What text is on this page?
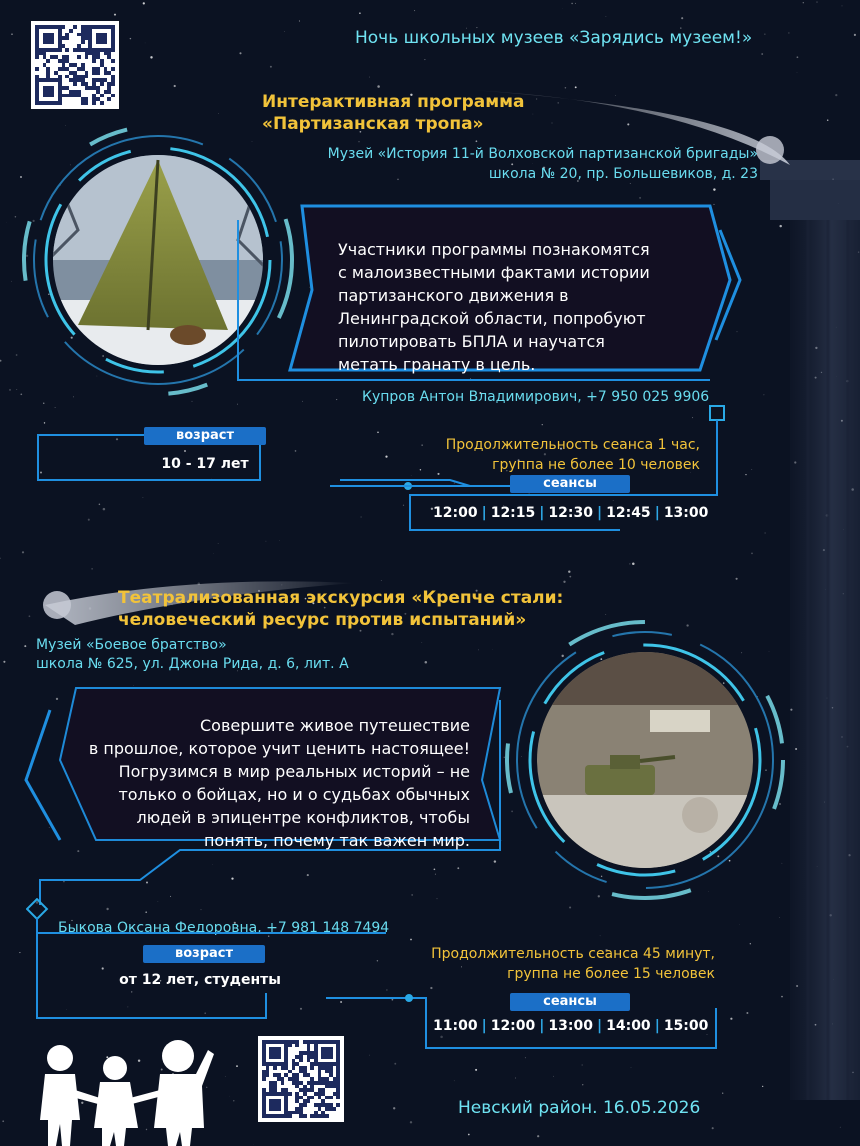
Ночь школьных музеев «Зарядись музеем!»
Интерактивная программа
«Партизанская тропа»
Музей «История 11-й Волховской партизанской бригады»
школа № 20, пр. Большевиков, д. 23
Участники программы познакомятся
с малоизвестными фактами истории
партизанского движения в
Ленинградской области, попробуют
пилотировать БПЛА и научатся
метать гранату в цель.
Купров Антон Владимирович, +7 950 025 9906
возраст
10 - 17 лет
Продолжительность сеанса 1 час,
группа не более 10 человек
сеансы
12:00 | 12:15 | 12:30 | 12:45 | 13:00
Театрализованная экскурсия «Крепче стали:
человеческий ресурс против испытаний»
Музей «Боевое братство»
школа № 625, ул. Джона Рида, д. 6, лит. А
Совершите живое путешествие
в прошлое, которое учит ценить настоящее!
Погрузимся в мир реальных историй – не
только о бойцах, но и о судьбах обычных
людей в эпицентре конфликтов, чтобы
понять, почему так важен мир.
Быкова Оксана Федоровна, +7 981 148 7494
возраст
от 12 лет, студенты
Продолжительность сеанса 45 минут,
группа не более 15 человек
сеансы
11:00 | 12:00 | 13:00 | 14:00 | 15:00
Невский район. 16.05.2026
